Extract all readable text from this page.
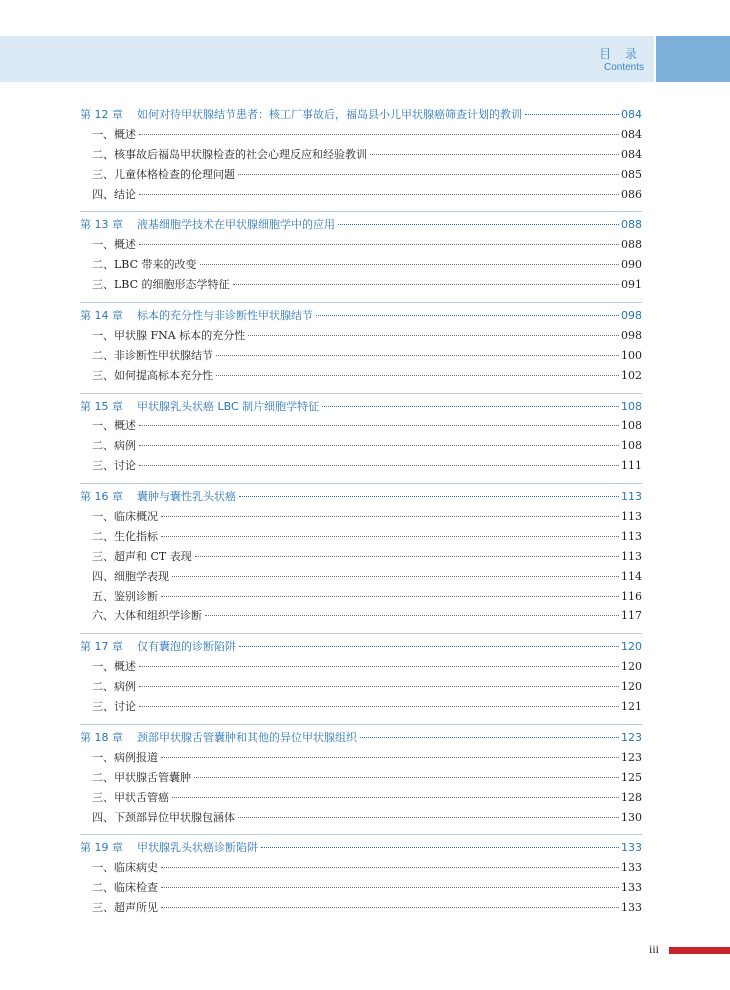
目 录
Contents
第 12 章 如何对待甲状腺结节患者：核工厂事故后，福岛县小儿甲状腺癌筛查计划的教训	084
一、概述	084
二、核事故后福岛甲状腺检查的社会心理反应和经验教训	084
三、儿童体格检查的伦理问题	085
四、结论	086
第 13 章 液基细胞学技术在甲状腺细胞学中的应用	088
一、概述	088
二、LBC 带来的改变	090
三、LBC 的细胞形态学特征	091
第 14 章 标本的充分性与非诊断性甲状腺结节	098
一、甲状腺 FNA 标本的充分性	098
二、非诊断性甲状腺结节	100
三、如何提高标本充分性	102
第 15 章 甲状腺乳头状癌 LBC 制片细胞学特征	108
一、概述	108
二、病例	108
三、讨论	111
第 16 章 囊肿与囊性乳头状癌	113
一、临床概况	113
二、生化指标	113
三、超声和 CT 表现	113
四、细胞学表现	114
五、鉴别诊断	116
六、大体和组织学诊断	117
第 17 章 仅有囊泡的诊断陷阱	120
一、概述	120
二、病例	120
三、讨论	121
第 18 章 颈部甲状腺舌管囊肿和其他的异位甲状腺组织	123
一、病例报道	123
二、甲状腺舌管囊肿	125
三、甲状舌管癌	128
四、下颈部异位甲状腺包涵体	130
第 19 章 甲状腺乳头状癌诊断陷阱	133
一、临床病史	133
二、临床检查	133
三、超声所见	133
iii
